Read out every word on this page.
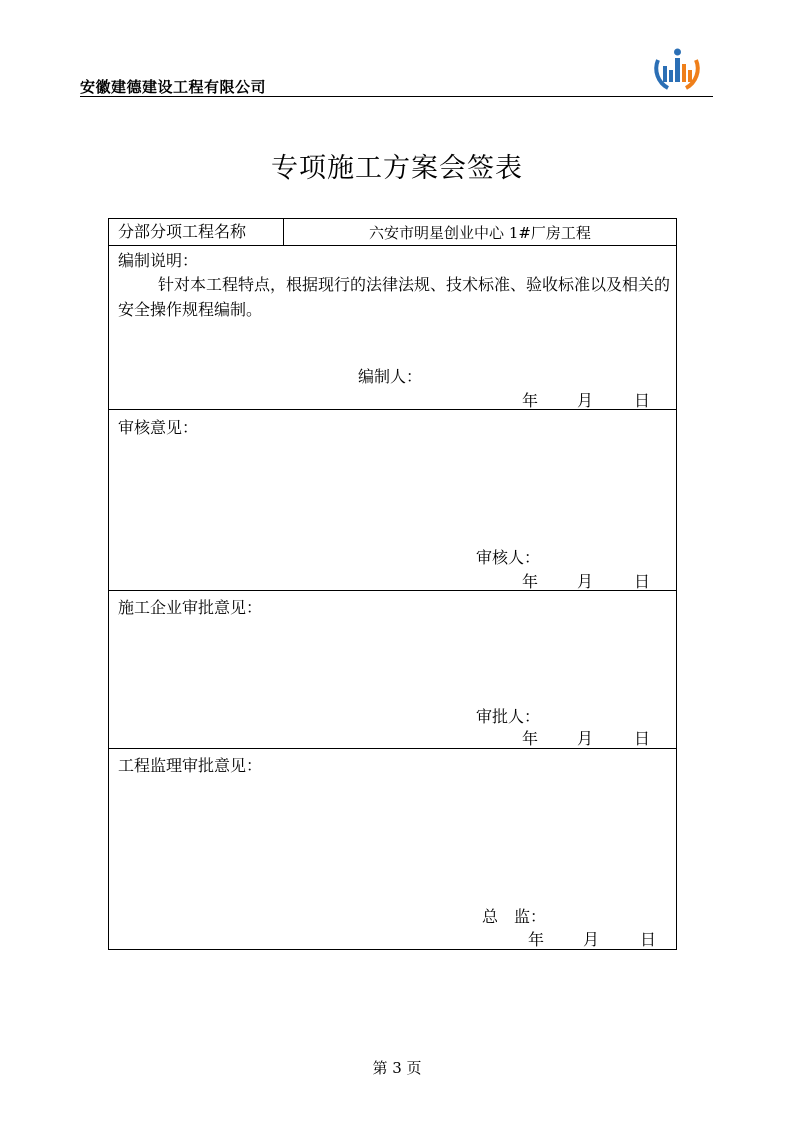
安徽建德建设工程有限公司
专项施工方案会签表
分部分项工程名称	六安市明星创业中心 1#厂房工程
编制说明：
针对本工程特点，根据现行的法律法规、技术标准、验收标准以及相关的安全操作规程编制。
编制人：
年 月	日
审核意见：
审核人：
年 月	日
施工企业审批意见：
审批人：
年 月	日
工程监理审批意见：
总　监：
年 月	日
第 3 页
